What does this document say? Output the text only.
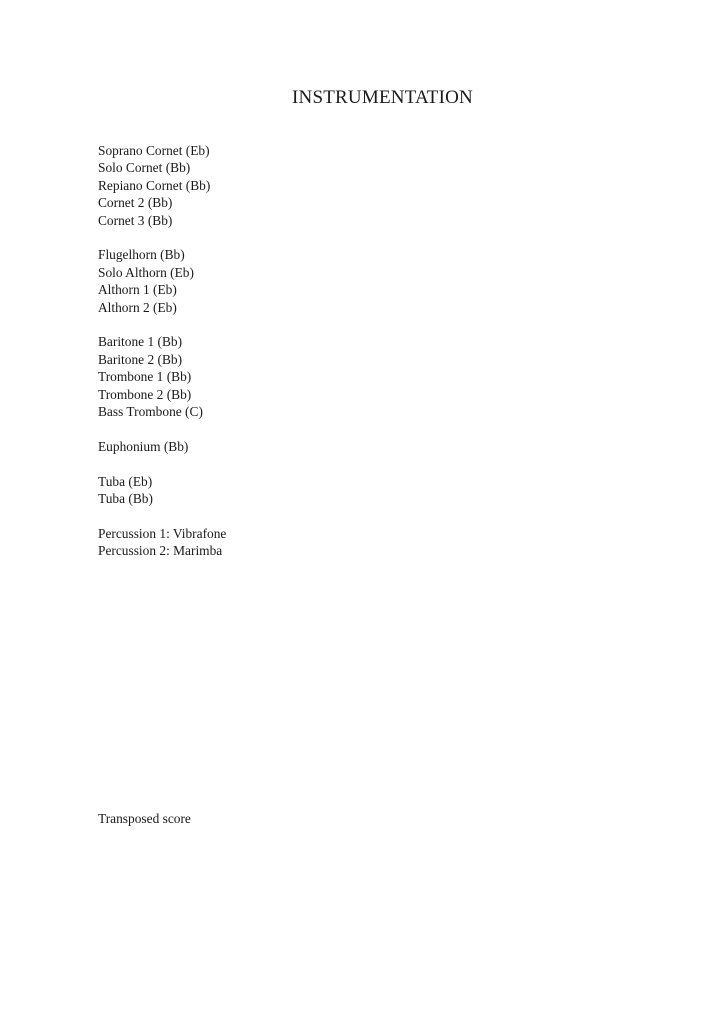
INSTRUMENTATION
Soprano Cornet (Eb)
Solo Cornet (Bb)
Repiano Cornet (Bb)
Cornet 2 (Bb)
Cornet 3 (Bb)
Flugelhorn (Bb)
Solo Althorn (Eb)
Althorn 1 (Eb)
Althorn 2 (Eb)
Baritone 1 (Bb)
Baritone 2 (Bb)
Trombone 1 (Bb)
Trombone 2 (Bb)
Bass Trombone (C)
Euphonium (Bb)
Tuba (Eb)
Tuba (Bb)
Percussion 1: Vibrafone
Percussion 2: Marimba
Transposed score
